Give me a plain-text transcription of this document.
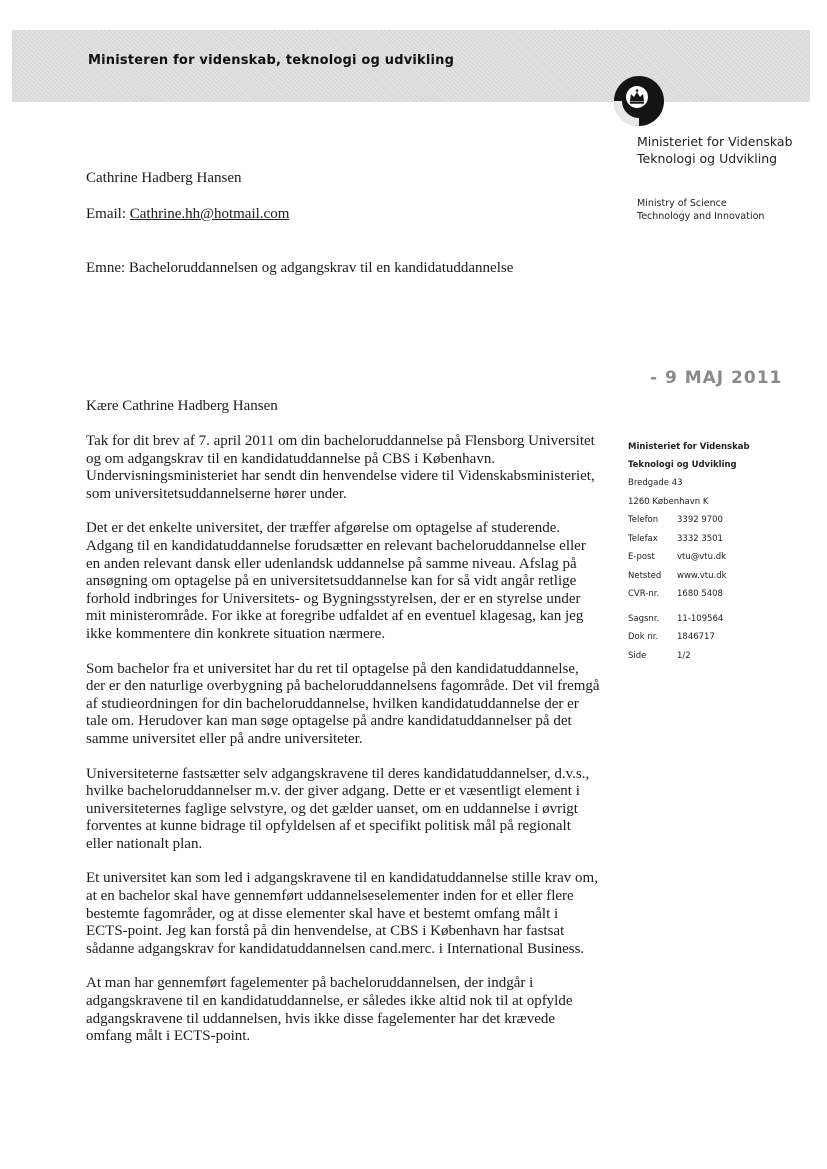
Ministeren for videnskab, teknologi og udvikling
Ministeriet for Videnskab
Teknologi og Udvikling
Ministry of Science
Technology and Innovation
Cathrine Hadberg Hansen
Email: Cathrine.hh@hotmail.com
Emne: Bacheloruddannelsen og adgangskrav til en kandidatuddannelse
- 9 MAJ 2011
Kære Cathrine Hadberg Hansen

Tak for dit brev af 7. april 2011 om din bacheloruddannelse på Flensborg Universitet og om adgangskrav til en kandidatuddannelse på CBS i København. Undervisningsministeriet har sendt din henvendelse videre til Videnskabsministeriet, som universitetsuddannelserne hører under.

Det er det enkelte universitet, der træffer afgørelse om optagelse af studerende. Adgang til en kandidatuddannelse forudsætter en relevant bacheloruddannelse eller en anden relevant dansk eller udenlandsk uddannelse på samme niveau. Afslag på ansøgning om optagelse på en universitetsuddannelse kan for så vidt angår retlige forhold indbringes for Universitets- og Bygningsstyrelsen, der er en styrelse under mit ministerområde. For ikke at foregribe udfaldet af en eventuel klagesag, kan jeg ikke kommentere din konkrete situation nærmere.

Som bachelor fra et universitet har du ret til optagelse på den kandidatuddannelse, der er den naturlige overbygning på bacheloruddannelsens fagområde. Det vil fremgå af studieordningen for din bacheloruddannelse, hvilken kandidatuddannelse der er tale om. Herudover kan man søge optagelse på andre kandidatuddannelser på det samme universitet eller på andre universiteter.

Universiteterne fastsætter selv adgangskravene til deres kandidatuddannelser, d.v.s., hvilke bacheloruddannelser m.v. der giver adgang. Dette er et væsentligt element i universiteternes faglige selvstyre, og det gælder uanset, om en uddannelse i øvrigt forventes at kunne bidrage til opfyldelsen af et specifikt politisk mål på regionalt eller nationalt plan.

Et universitet kan som led i adgangskravene til en kandidatuddannelse stille krav om, at en bachelor skal have gennemført uddannelseselementer inden for et eller flere bestemte fagområder, og at disse elementer skal have et bestemt omfang målt i ECTS-point. Jeg kan forstå på din henvendelse, at CBS i København har fastsat sådanne adgangskrav for kandidatuddannelsen cand.merc. i International Business.

At man har gennemført fagelementer på bacheloruddannelsen, der indgår i adgangskravene til en kandidatuddannelse, er således ikke altid nok til at opfylde adgangskravene til uddannelsen, hvis ikke disse fagelementer har det krævede omfang målt i ECTS-point.

Ministeriet for Videnskab
Teknologi og Udvikling
Bredgade 43
1260 København K
Telefon	3392 9700
Telefax	3332 3501
E-post	vtu@vtu.dk
Netsted	www.vtu.dk
CVR-nr.	1680 5408
Sagsnr.	11-109564
Dok nr.	1846717
Side	1/2
